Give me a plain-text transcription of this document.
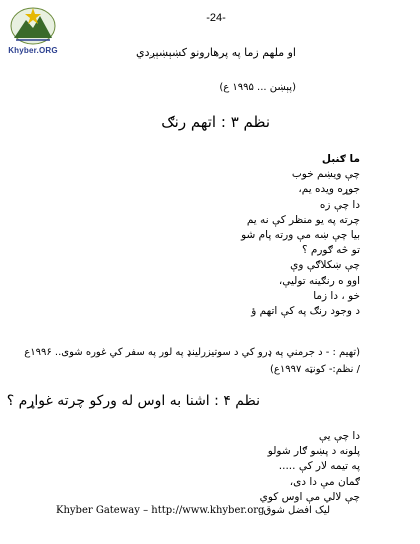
Khyber.ORG
-24-
او ملهم زما په پرهارونو کښېښېږدي
(پېښن ... ۱۹۹۵ ع)
نظم ۳ : اتهم رنګ
ما ګنبل
چې ویښم خوب
جوړه ویده یم،
دا چې زه
چرته په یو منظر کې نه یم
بیا چې ښه مې ورته پام شو
تو څه ګورم ؟
چې ښکلاګې وې
اوو ه رنګینه توليې،
خو ، دا زما
د وجود رنګ په کې اتهم ؤ
(تهیم : - د جرمني په ډرو کي د سوتيزرلينډ په لور په سفر کي غوره شوی.. ۱۹۹۶ع
/ نظم:- کونټه ۱۹۹۷ع)
نظم ۴ : اشنا به اوس له ورکو چرته غواړم ؟
دا چې یې
پلونه د پښو ګار شولو
په تیمه لار کې .....
ګمان مې دا دی،
چې لالي مې اوس کوي
Khyber Gateway – http://www.khyber.org لیک افضل شوق
